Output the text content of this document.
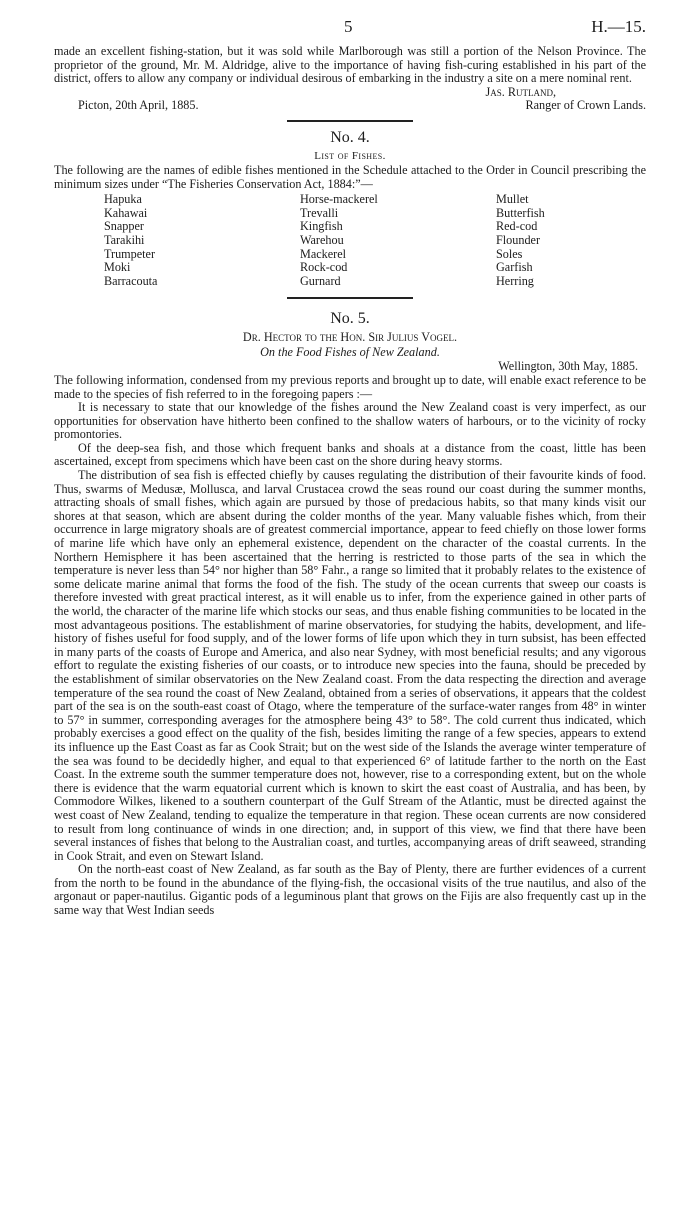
5	H.—15.

made an excellent fishing-station, but it was sold while Marlborough was still a portion of the Nelson Province. The proprietor of the ground, Mr. M. Aldridge, alive to the importance of having fish-curing established in his part of the district, offers to allow any company or individual desirous of embarking in the industry a site on a mere nominal rent.

Jas. Rutland,
Picton, 20th April, 1885.	Ranger of Crown Lands.
No. 4.
List of Fishes.

The following are the names of edible fishes mentioned in the Schedule attached to the Order in Council prescribing the minimum sizes under “The Fisheries Conservation Act, 1884:”—

Hapuka	Horse-mackerel	Mullet
Kahawai	Trevalli	Butterfish
Snapper	Kingfish	Red-cod
Tarakihi	Warehou	Flounder
Trumpeter	Mackerel	Soles
Moki	Rock-cod	Garfish
Barracouta	Gurnard	Herring
No. 5.
Dr. Hector to the Hon. Sir Julius Vogel.
On the Food Fishes of New Zealand.
Wellington, 30th May, 1885.

The following information, condensed from my previous reports and brought up to date, will enable exact reference to be made to the species of fish referred to in the foregoing papers :—

It is necessary to state that our knowledge of the fishes around the New Zealand coast is very imperfect, as our opportunities for observation have hitherto been confined to the shallow waters of harbours, or to the vicinity of rocky promontories.

Of the deep-sea fish, and those which frequent banks and shoals at a distance from the coast, little has been ascertained, except from specimens which have been cast on the shore during heavy storms.

The distribution of sea fish is effected chiefly by causes regulating the distribution of their favourite kinds of food. Thus, swarms of Medusæ, Mollusca, and larval Crustacea crowd the seas round our coast during the summer months, attracting shoals of small fishes, which again are pursued by those of predacious habits, so that many kinds visit our shores at that season, which are absent during the colder months of the year. Many valuable fishes which, from their occurrence in large migratory shoals are of greatest commercial importance, appear to feed chiefly on those lower forms of marine life which have only an ephemeral existence, dependent on the character of the coastal currents. In the Northern Hemisphere it has been ascertained that the herring is restricted to those parts of the sea in which the temperature is never less than 54° nor higher than 58° Fahr., a range so limited that it probably relates to the existence of some delicate marine animal that forms the food of the fish. The study of the ocean currents that sweep our coasts is therefore invested with great practical interest, as it will enable us to infer, from the experience gained in other parts of the world, the character of the marine life which stocks our seas, and thus enable fishing communities to be located in the most advantageous positions. The establishment of marine observatories, for studying the habits, development, and life-history of fishes useful for food supply, and of the lower forms of life upon which they in turn subsist, has been effected in many parts of the coasts of Europe and America, and also near Sydney, with most beneficial results; and any vigorous effort to regulate the existing fisheries of our coasts, or to introduce new species into the fauna, should be preceded by the establishment of similar observatories on the New Zealand coast. From the data respecting the direction and average temperature of the sea round the coast of New Zealand, obtained from a series of observations, it appears that the coldest part of the sea is on the south-east coast of Otago, where the temperature of the surface-water ranges from 48° in winter to 57° in summer, corresponding averages for the atmosphere being 43° to 58°. The cold current thus indicated, which probably exercises a good effect on the quality of the fish, besides limiting the range of a few species, appears to extend its influence up the East Coast as far as Cook Strait; but on the west side of the Islands the average winter temperature of the sea was found to be decidedly higher, and equal to that experienced 6° of latitude farther to the north on the East Coast. In the extreme south the summer temperature does not, however, rise to a corresponding extent, but on the whole there is evidence that the warm equatorial current which is known to skirt the east coast of Australia, and has been, by Commodore Wilkes, likened to a southern counterpart of the Gulf Stream of the Atlantic, must be directed against the west coast of New Zealand, tending to equalize the temperature in that region. These ocean currents are now considered to result from long continuance of winds in one direction; and, in support of this view, we find that there have been several instances of fishes that belong to the Australian coast, and turtles, accompanying areas of drift seaweed, stranding in Cook Strait, and even on Stewart Island.

On the north-east coast of New Zealand, as far south as the Bay of Plenty, there are further evidences of a current from the north to be found in the abundance of the flying-fish, the occasional visits of the true nautilus, and also of the argonaut or paper-nautilus. Gigantic pods of a leguminous plant that grows on the Fijis are also frequently cast up in the same way that West Indian seeds
